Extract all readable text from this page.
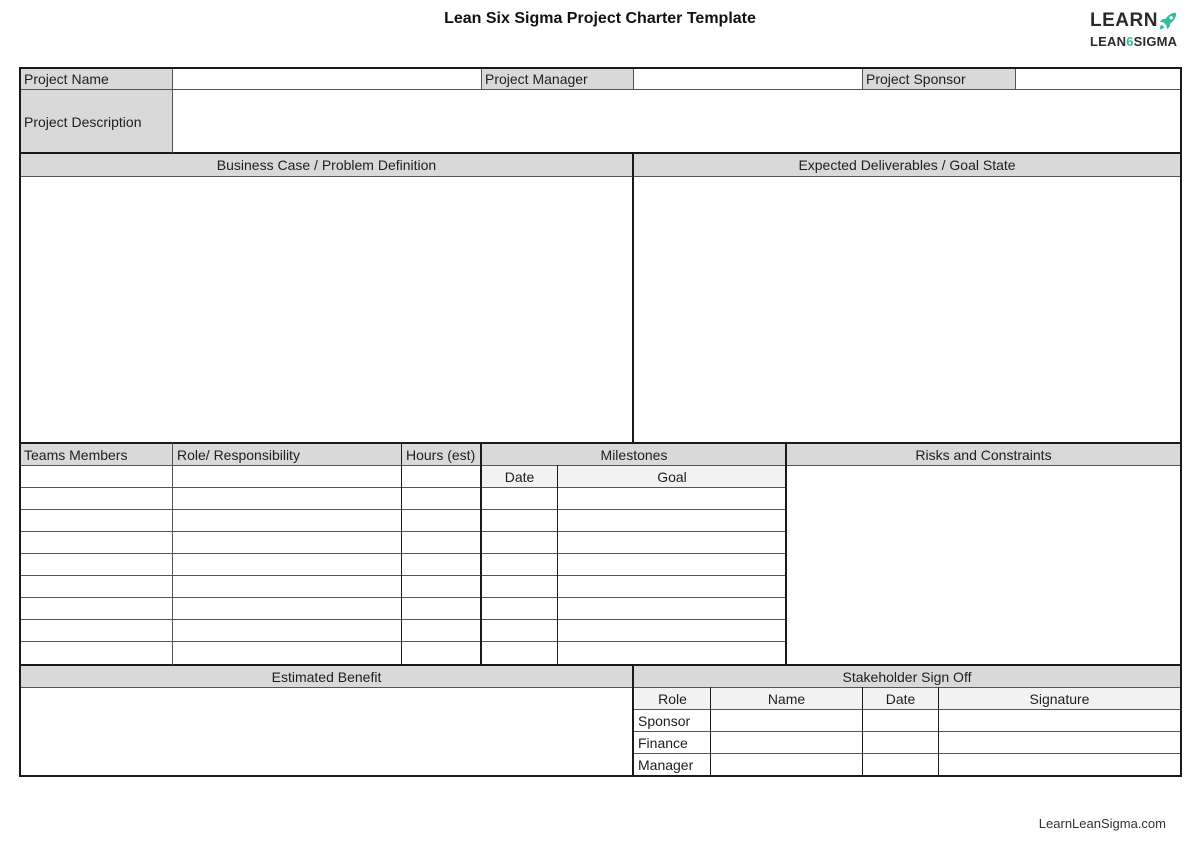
Lean Six Sigma Project Charter Template	LEARN
LEAN6SIGMA
Project Name	Project Manager	Project Sponsor
Project Description
Business Case / Problem Definition	Expected Deliverables / Goal State
Teams Members	Role/ Responsibility	Hours (est)	Milestones	Risks and Constraints
Date	Goal
Estimated Benefit	Stakeholder Sign Off
Role	Name	Date	Signature
Sponsor
Finance
Manager
LearnLeanSigma.com
